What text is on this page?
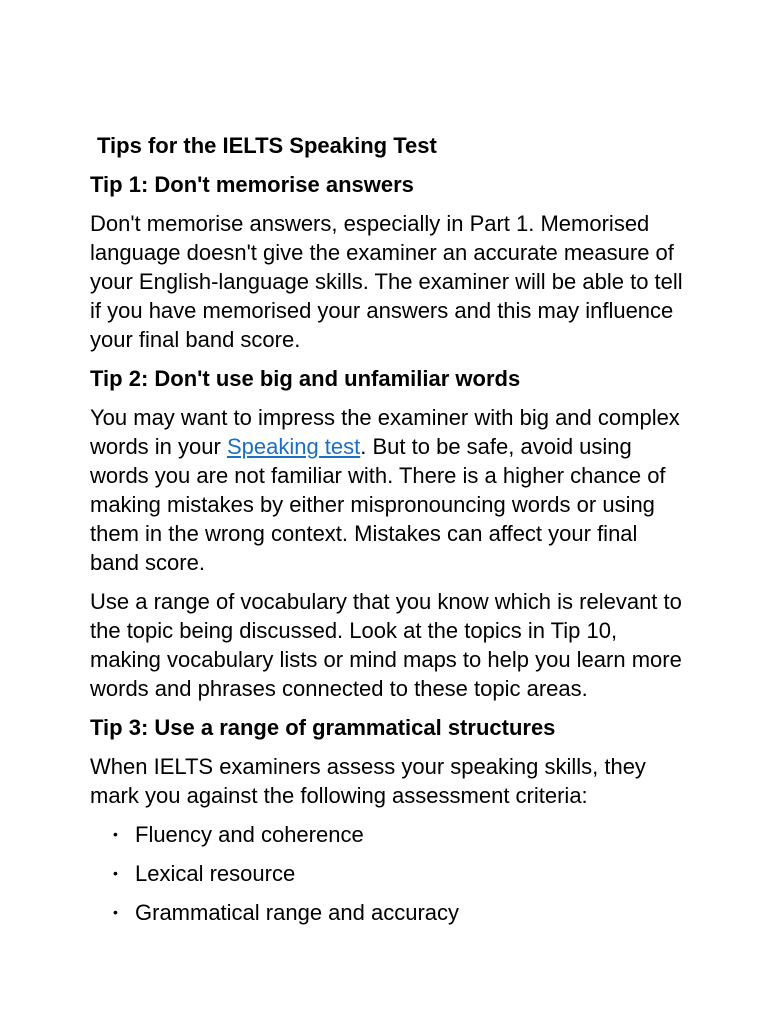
Tips for the IELTS Speaking Test
Tip 1: Don't memorise answers

Don't memorise answers, especially in Part 1. Memorised language doesn't give the examiner an accurate measure of your English-language skills. The examiner will be able to tell if you have memorised your answers and this may influence your final band score.

Tip 2: Don't use big and unfamiliar words

You may want to impress the examiner with big and complex words in your Speaking test. But to be safe, avoid using words you are not familiar with. There is a higher chance of making mistakes by either mispronouncing words or using them in the wrong context. Mistakes can affect your final band score.

Use a range of vocabulary that you know which is relevant to the topic being discussed. Look at the topics in Tip 10, making vocabulary lists or mind maps to help you learn more words and phrases connected to these topic areas.

Tip 3: Use a range of grammatical structures

When IELTS examiners assess your speaking skills, they mark you against the following assessment criteria:

• Fluency and coherence
• Lexical resource
• Grammatical range and accuracy
